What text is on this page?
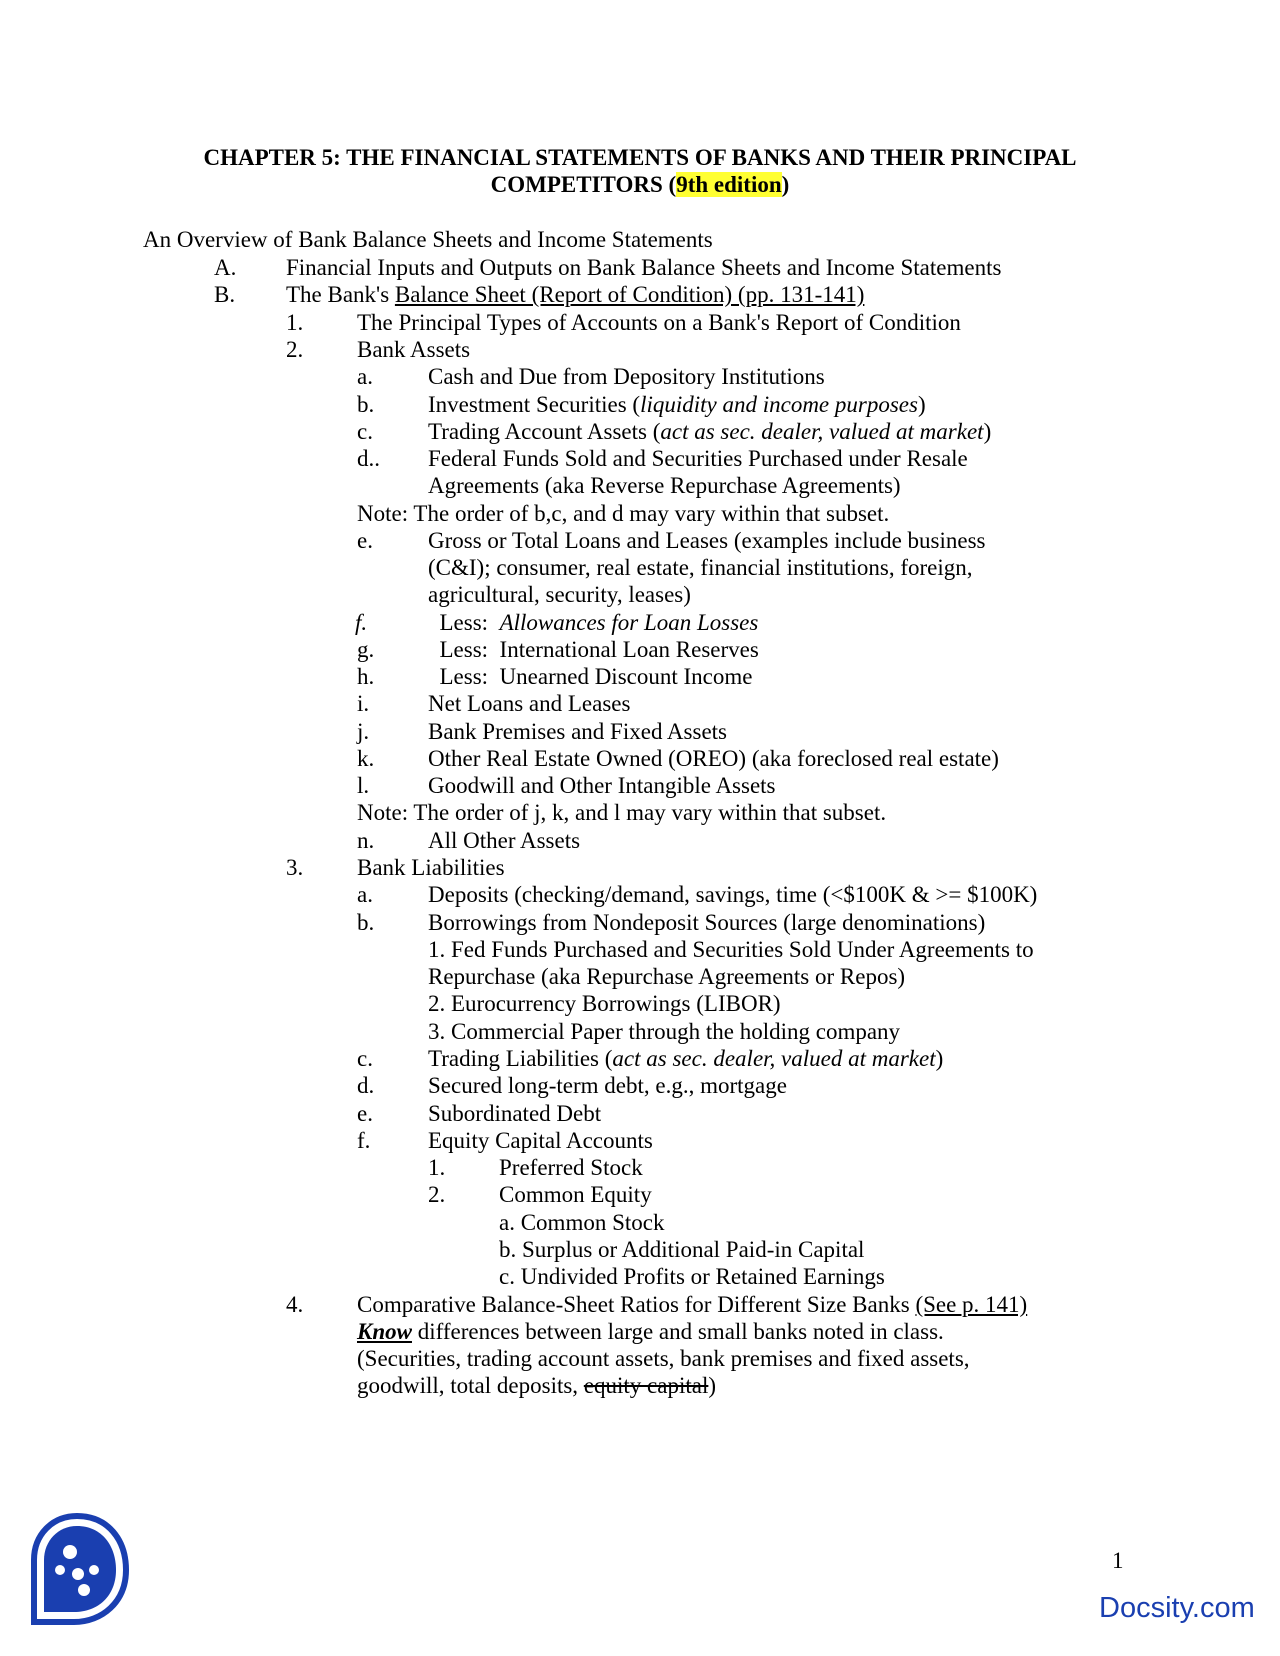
CHAPTER 5: THE FINANCIAL STATEMENTS OF BANKS AND THEIR PRINCIPAL
COMPETITORS (9th edition)
An Overview of Bank Balance Sheets and Income Statements
A. Financial Inputs and Outputs on Bank Balance Sheets and Income Statements
B. The Bank's Balance Sheet (Report of Condition) (pp. 131-141)
1. The Principal Types of Accounts on a Bank's Report of Condition
2. Bank Assets
a. Cash and Due from Depository Institutions
b. Investment Securities (liquidity and income purposes)
c. Trading Account Assets (act as sec. dealer, valued at market)
d.. Federal Funds Sold and Securities Purchased under Resale
Agreements (aka Reverse Repurchase Agreements)
Note: The order of b,c, and d may vary within that subset.
e. Gross or Total Loans and Leases (examples include business
(C&I); consumer, real estate, financial institutions, foreign,
agricultural, security, leases)
f.	Less:  Allowances for Loan Losses
g. Less:  International Loan Reserves
h. Less:  Unearned Discount Income
i.	Net Loans and Leases
j.	Bank Premises and Fixed Assets
k. Other Real Estate Owned (OREO) (aka foreclosed real estate)
l.	Goodwill and Other Intangible Assets
Note: The order of j, k, and l may vary within that subset.
n. All Other Assets
3. Bank Liabilities
a. Deposits (checking/demand, savings, time (<$100K & >= $100K)
b. Borrowings from Nondeposit Sources (large denominations)
1. Fed Funds Purchased and Securities Sold Under Agreements to
Repurchase (aka Repurchase Agreements or Repos)
2. Eurocurrency Borrowings (LIBOR)
3. Commercial Paper through the holding company
c. Trading Liabilities (act as sec. dealer, valued at market)
d. Secured long-term debt, e.g., mortgage
e. Subordinated Debt
f.	Equity Capital Accounts
1. Preferred Stock
2. Common Equity
a. Common Stock
b. Surplus or Additional Paid-in Capital
c. Undivided Profits or Retained Earnings
4. Comparative Balance-Sheet Ratios for Different Size Banks (See p. 141)
Know differences between large and small banks noted in class.
(Securities, trading account assets, bank premises and fixed assets,
goodwill, total deposits, equity capital)
1
Docsity.com
